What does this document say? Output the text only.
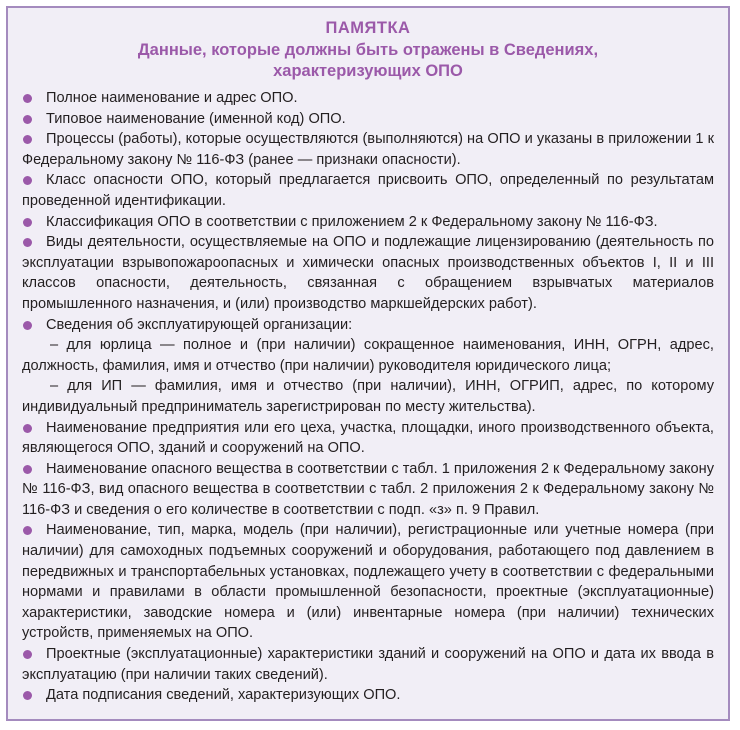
ПАМЯТКА
Данные, которые должны быть отражены в Сведениях,
характеризующих ОПО
Полное наименование и адрес ОПО.
Типовое наименование (именной код) ОПО.
Процессы (работы), которые осуществляются (выполняются) на ОПО и указаны в приложении 1 к Федеральному закону № 116-ФЗ (ранее — признаки опасности).
Класс опасности ОПО, который предлагается присвоить ОПО, определенный по результатам проведенной идентификации.
Классификация ОПО в соответствии с приложением 2 к Федеральному закону № 116-ФЗ.
Виды деятельности, осуществляемые на ОПО и подлежащие лицензированию (деятельность по эксплуатации взрывопожароопасных и химически опасных производственных объектов I, II и III классов опасности, деятельность, связанная с обращением взрывчатых материалов промышленного назначения, и (или) производство маркшейдерских работ).
Сведения об эксплуатирующей организации:
– для юрлица — полное и (при наличии) сокращенное наименования, ИНН, ОГРН, адрес, должность, фамилия, имя и отчество (при наличии) руководителя юридического лица;
– для ИП — фамилия, имя и отчество (при наличии), ИНН, ОГРИП, адрес, по которому индивидуальный предприниматель зарегистрирован по месту жительства).
Наименование предприятия или его цеха, участка, площадки, иного производственного объекта, являющегося ОПО, зданий и сооружений на ОПО.
Наименование опасного вещества в соответствии с табл. 1 приложения 2 к Федеральному закону № 116-ФЗ, вид опасного вещества в соответствии с табл. 2 приложения 2 к Федеральному закону № 116-ФЗ и сведения о его количестве в соответствии с подп. «з» п. 9 Правил.
Наименование, тип, марка, модель (при наличии), регистрационные или учетные номера (при наличии) для самоходных подъемных сооружений и оборудования, работающего под давлением в передвижных и транспортабельных установках, подлежащего учету в соответствии с федеральными нормами и правилами в области промышленной безопасности, проектные (эксплуатационные) характеристики, заводские номера и (или) инвентарные номера (при наличии) технических устройств, применяемых на ОПО.
Проектные (эксплуатационные) характеристики зданий и сооружений на ОПО и дата их ввода в эксплуатацию (при наличии таких сведений).
Дата подписания сведений, характеризующих ОПО.
